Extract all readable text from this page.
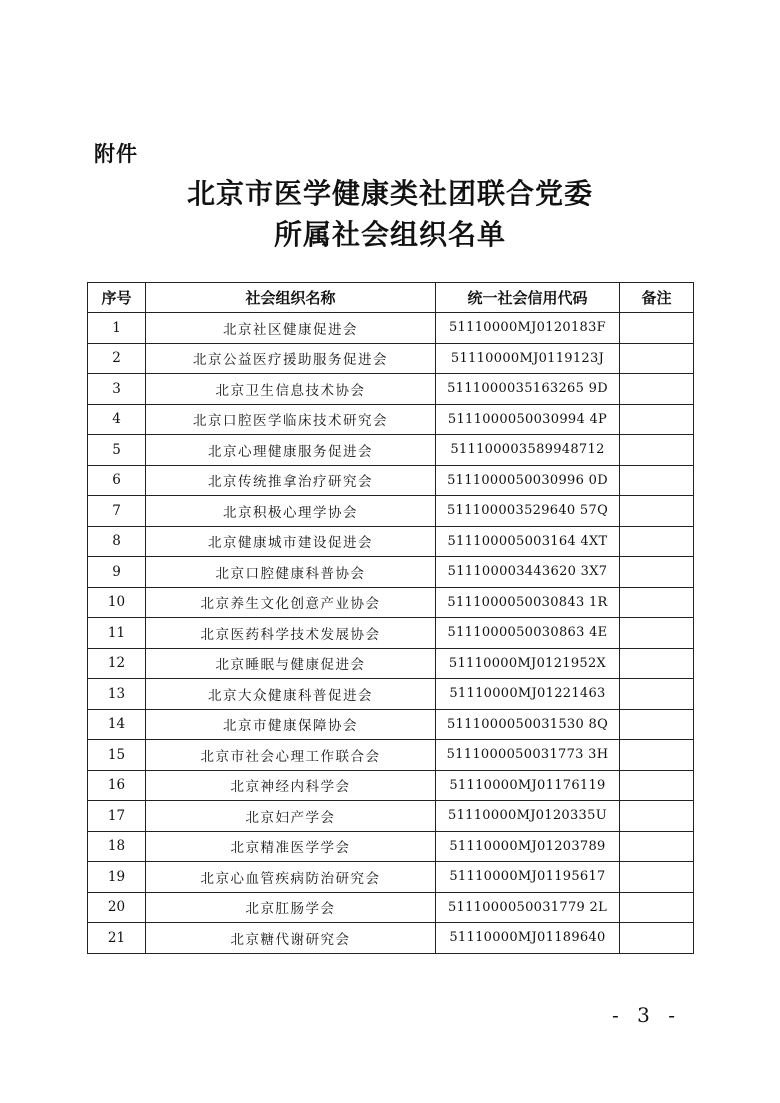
附件
北京市医学健康类社团联合党委
所属社会组织名单
序号	社会组织名称	统一社会信用代码	备注
1	北京社区健康促进会	51110000MJ0120183F	
2	北京公益医疗援助服务促进会	51110000MJ0119123J	
3	北京卫生信息技术协会	5111000035163265 9D	
4	北京口腔医学临床技术研究会	5111000050030994 4P	
5	北京心理健康服务促进会	511100003589948712	
6	北京传统推拿治疗研究会	5111000050030996 0D	
7	北京积极心理学协会	511100003529640 57Q	
8	北京健康城市建设促进会	511100005003164 4XT	
9	北京口腔健康科普协会	511100003443620 3X7	
10	北京养生文化创意产业协会	5111000050030843 1R	
11	北京医药科学技术发展协会	5111000050030863 4E	
12	北京睡眠与健康促进会	51110000MJ0121952X	
13	北京大众健康科普促进会	51110000MJ01221463	
14	北京市健康保障协会	5111000050031530 8Q	
15	北京市社会心理工作联合会	5111000050031773 3H	
16	北京神经内科学会	51110000MJ01176119	
17	北京妇产学会	51110000MJ0120335U	
18	北京精准医学学会	51110000MJ01203789	
19	北京心血管疾病防治研究会	51110000MJ01195617	
20	北京肛肠学会	5111000050031779 2L	
21	北京糖代谢研究会	51110000MJ01189640	
- 3 -
